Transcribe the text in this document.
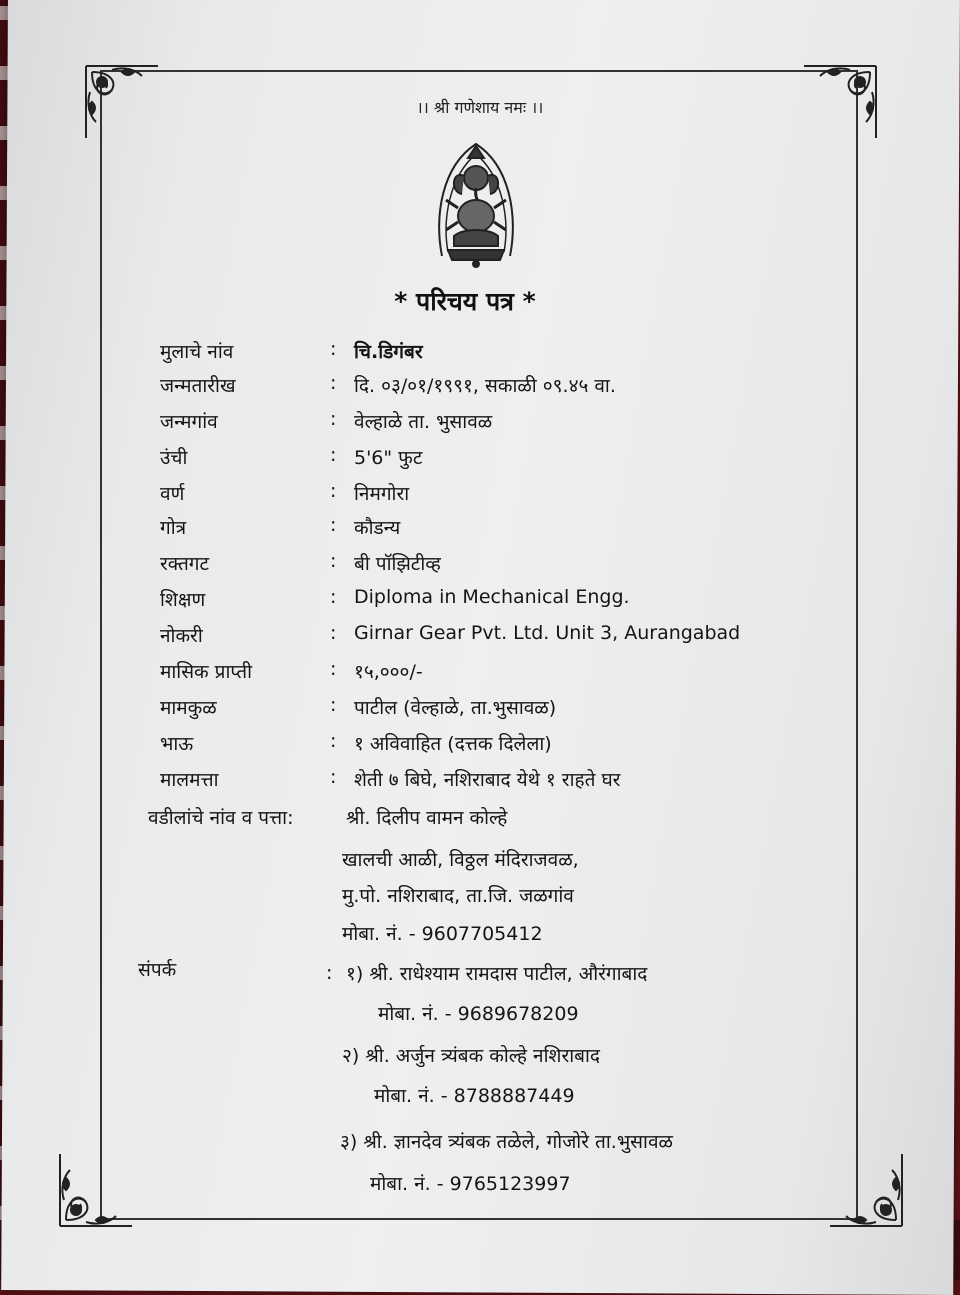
।। श्री गणेशाय नमः ।।
* परिचय पत्र *
मुलाचे नांव	: चि.डिगंबर
जन्मतारीख	: दि. ०३/०१/१९९१, सकाळी ०९.४५ वा.
जन्मगांव	: वेल्हाळे ता. भुसावळ
उंची	: 5'6" फुट
वर्ण	: निमगोरा
गोत्र	: कौडन्य
रक्तगट	: बी पॉझिटीव्ह
शिक्षण	: Diploma in Mechanical Engg.
नोकरी	: Girnar Gear Pvt. Ltd. Unit 3, Aurangabad
मासिक प्राप्ती	: १५,०००/-
मामकुळ	: पाटील (वेल्हाळे, ता.भुसावळ)
भाऊ	: १ अविवाहित (दत्तक दिलेला)
मालमत्ता	: शेती ७ बिघे, नशिराबाद येथे १ राहते घर
वडीलांचे नांव व पत्ता:	श्री. दिलीप वामन कोल्हे
खालची आळी, विठ्ठल मंदिराजवळ,
मु.पो. नशिराबाद, ता.जि. जळगांव
मोबा. नं. - 9607705412
संपर्क	: १) श्री. राधेश्याम रामदास पाटील, औरंगाबाद
मोबा. नं. - 9689678209
२) श्री. अर्जुन त्र्यंबक कोल्हे नशिराबाद
मोबा. नं. - 8788887449
३) श्री. ज्ञानदेव त्र्यंबक तळेले, गोजोरे ता.भुसावळ
मोबा. नं. - 9765123997
